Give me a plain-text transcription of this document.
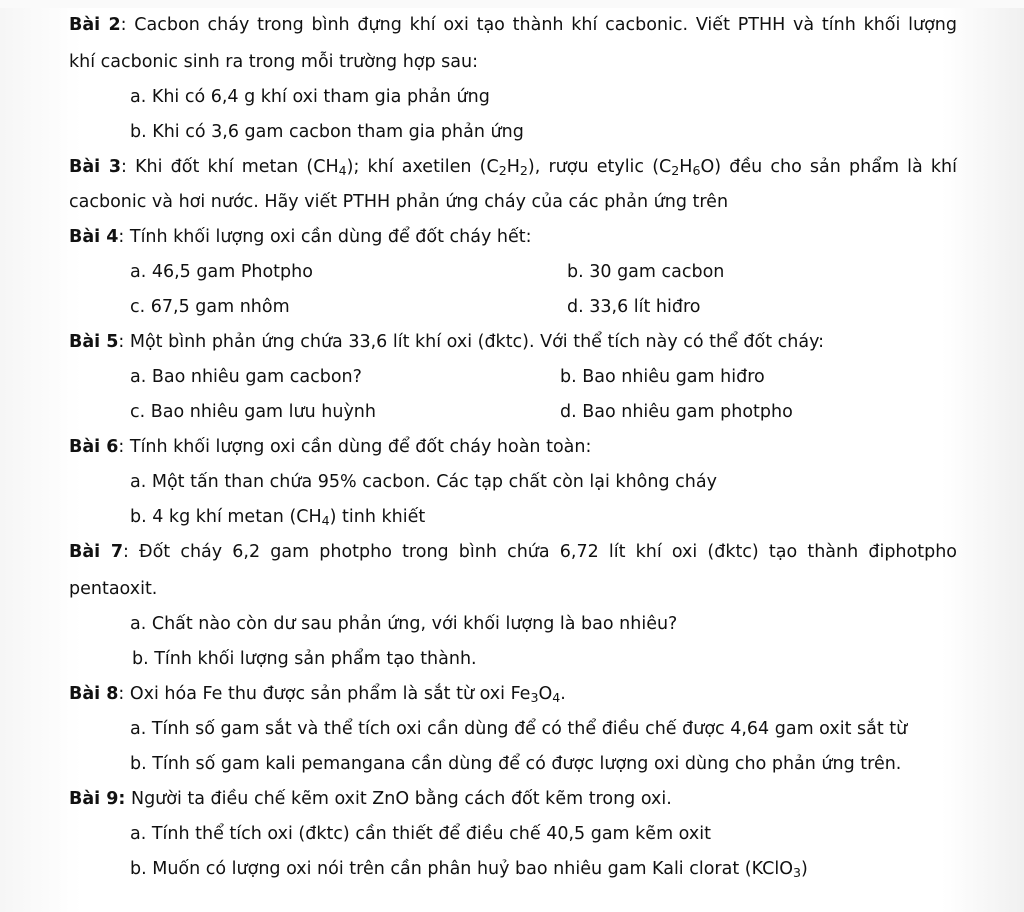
Bài 2: Cacbon cháy trong bình đựng khí oxi tạo thành khí cacbonic. Viết PTHH và tính khối lượng
khí cacbonic sinh ra trong mỗi trường hợp sau:
a. Khi có 6,4 g khí oxi tham gia phản ứng
b. Khi có 3,6 gam cacbon tham gia phản ứng
Bài 3: Khi đốt khí metan $(CH_4)$; khí axetilen $(C_2H_2)$, rượu etylic $(C_2H_6O)$ đều cho sản phẩm là khí
cacbonic và hơi nước. Hãy viết PTHH phản ứng cháy của các phản ứng trên
Bài 4: Tính khối lượng oxi cần dùng để đốt cháy hết:
a. 46,5 gam Photpho	b. 30 gam cacbon
c. 67,5 gam nhôm	d. 33,6 lít hiđro
Bài 5: Một bình phản ứng chứa 33,6 lít khí oxi (đktc). Với thể tích này có thể đốt cháy:
a. Bao nhiêu gam cacbon?	b. Bao nhiêu gam hiđro
c. Bao nhiêu gam lưu huỳnh	d. Bao nhiêu gam photpho
Bài 6: Tính khối lượng oxi cần dùng để đốt cháy hoàn toàn:
a. Một tấn than chứa 95% cacbon. Các tạp chất còn lại không cháy
b. 4 kg khí metan $(CH_4)$ tinh khiết
Bài 7: Đốt cháy 6,2 gam photpho trong bình chứa 6,72 lít khí oxi (đktc) tạo thành điphotpho
pentaoxit.
a. Chất nào còn dư sau phản ứng, với khối lượng là bao nhiêu?
b. Tính khối lượng sản phẩm tạo thành.
Bài 8: Oxi hóa Fe thu được sản phẩm là sắt từ oxi $Fe_3O_4$.
a. Tính số gam sắt và thể tích oxi cần dùng để có thể điều chế được 4,64 gam oxit sắt từ
b. Tính số gam kali pemangana cần dùng để có được lượng oxi dùng cho phản ứng trên.
Bài 9: Người ta điều chế kẽm oxit ZnO bằng cách đốt kẽm trong oxi.
a. Tính thể tích oxi (đktc) cần thiết để điều chế 40,5 gam kẽm oxit
b. Muốn có lượng oxi nói trên cần phân huỷ bao nhiêu gam Kali clorat (KClO$_3$)
